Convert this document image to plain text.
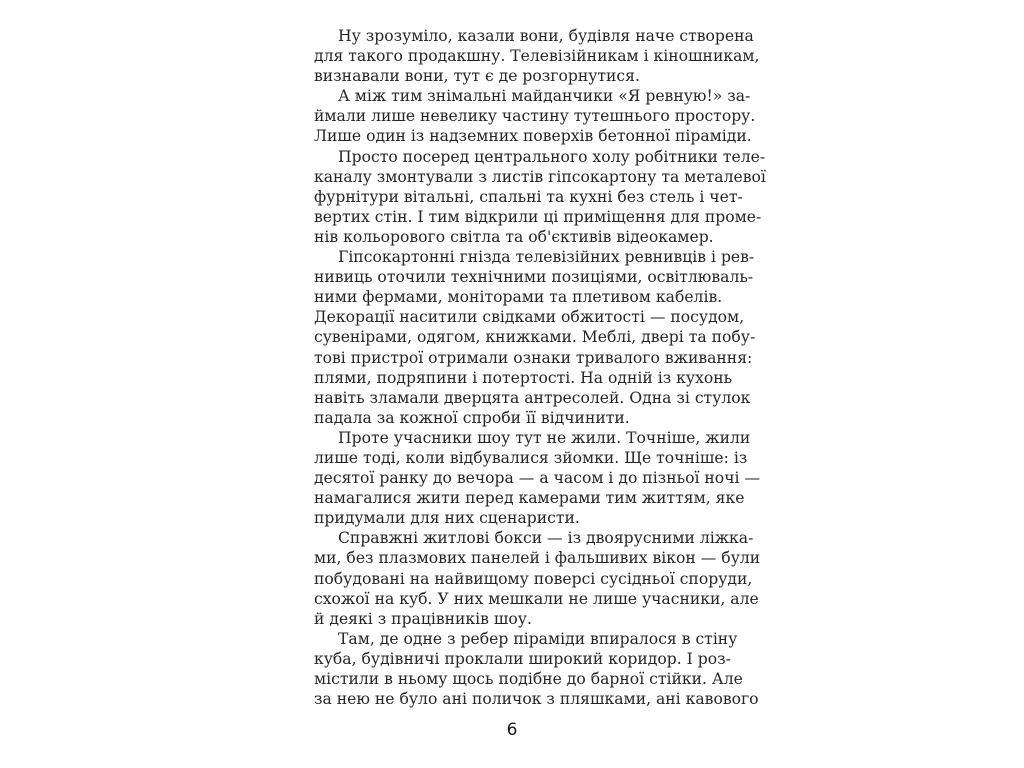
Ну зрозуміло, казали вони, будівля наче створена
для такого продакшну. Телевізійникам і кіношникам,
визнавали вони, тут є де розгорнутися.
А між тим знімальні майданчики «Я ревную!» за-
ймали лише невелику частину тутешнього простору.
Лише один із надземних поверхів бетонної піраміди.
Просто посеред центрального холу робітники теле-
каналу змонтували з листів гіпсокартону та металевої
фурнітури вітальні, спальні та кухні без стель і чет-
вертих стін. І тим відкрили ці приміщення для проме-
нів кольорового світла та об'єктивів відеокамер.
Гіпсокартонні гнізда телевізійних ревнивців і рев-
нивиць оточили технічними позиціями, освітлюваль-
ними фермами, моніторами та плетивом кабелів.
Декорації наситили свідками обжитості — посудом,
сувенірами, одягом, книжками. Меблі, двері та побу-
тові пристрої отримали ознаки тривалого вживання:
плями, подряпини і потертості. На одній із кухонь
навіть зламали дверцята антресолей. Одна зі стулок
падала за кожної спроби її відчинити.
Проте учасники шоу тут не жили. Точніше, жили
лише тоді, коли відбувалися зйомки. Ще точніше: із
десятої ранку до вечора — а часом і до пізньої ночі —
намагалися жити перед камерами тим життям, яке
придумали для них сценаристи.
Справжні житлові бокси — із двоярусними ліжка-
ми, без плазмових панелей і фальшивих вікон — були
побудовані на найвищому поверсі сусідньої споруди,
схожої на куб. У них мешкали не лише учасники, але
й деякі з працівників шоу.
Там, де одне з ребер піраміди впиралося в стіну
куба, будівничі проклали широкий коридор. І роз-
містили в ньому щось подібне до барної стійки. Але
за нею не було ані поличок з пляшками, ані кавового
6
